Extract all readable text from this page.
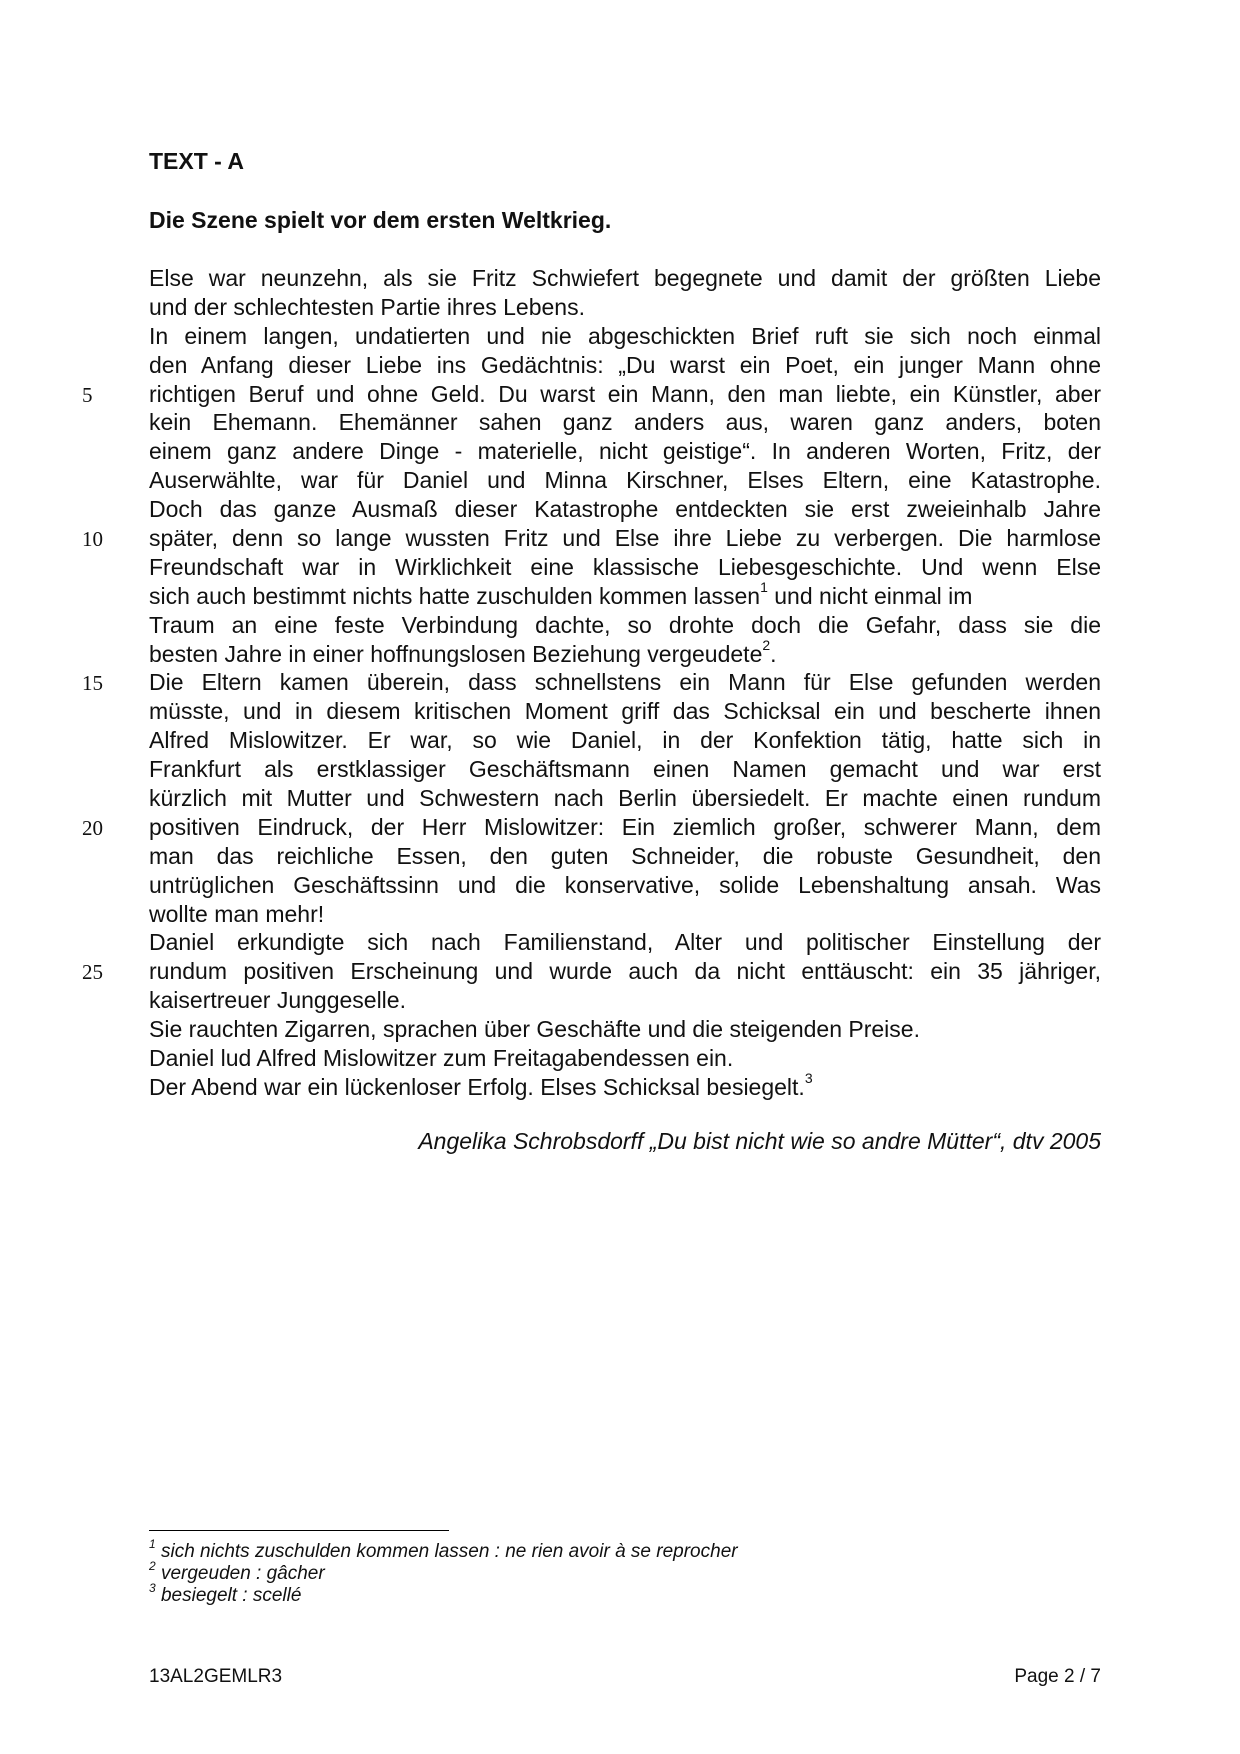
TEXT - A
Die Szene spielt vor dem ersten Weltkrieg.
Else war neunzehn, als sie Fritz Schwiefert begegnete und damit der größten Liebe
und der schlechtesten Partie ihres Lebens.
In einem langen, undatierten und nie abgeschickten Brief ruft sie sich noch einmal
den Anfang dieser Liebe ins Gedächtnis: „Du warst ein Poet, ein junger Mann ohne
richtigen Beruf und ohne Geld. Du warst ein Mann, den man liebte, ein Künstler, aber
kein Ehemann. Ehemänner sahen ganz anders aus, waren ganz anders, boten
einem ganz andere Dinge - materielle, nicht geistige“. In anderen Worten, Fritz, der
Auserwählte, war für Daniel und Minna Kirschner, Elses Eltern, eine Katastrophe.
Doch das ganze Ausmaß dieser Katastrophe entdeckten sie erst zweieinhalb Jahre
später, denn so lange wussten Fritz und Else ihre Liebe zu verbergen. Die harmlose
Freundschaft war in Wirklichkeit eine klassische Liebesgeschichte. Und wenn Else
sich auch bestimmt nichts hatte zuschulden kommen lassen$^1$ und nicht einmal im
Traum an eine feste Verbindung dachte, so drohte doch die Gefahr, dass sie die
besten Jahre in einer hoffnungslosen Beziehung vergeudete$^2$.
Die Eltern kamen überein, dass schnellstens ein Mann für Else gefunden werden
müsste, und in diesem kritischen Moment griff das Schicksal ein und bescherte ihnen
Alfred Mislowitzer. Er war, so wie Daniel, in der Konfektion tätig, hatte sich in
Frankfurt als erstklassiger Geschäftsmann einen Namen gemacht und war erst
kürzlich mit Mutter und Schwestern nach Berlin übersiedelt. Er machte einen rundum
positiven Eindruck, der Herr Mislowitzer: Ein ziemlich großer, schwerer Mann, dem
man das reichliche Essen, den guten Schneider, die robuste Gesundheit, den
untrüglichen Geschäftssinn und die konservative, solide Lebenshaltung ansah. Was
wollte man mehr!
Daniel erkundigte sich nach Familienstand, Alter und politischer Einstellung der
rundum positiven Erscheinung und wurde auch da nicht enttäuscht: ein 35 jähriger,
kaisertreuer Junggeselle.
Sie rauchten Zigarren, sprachen über Geschäfte und die steigenden Preise.
Daniel lud Alfred Mislowitzer zum Freitagabendessen ein.
Der Abend war ein lückenloser Erfolg. Elses Schicksal besiegelt.$^3$
5
10
15
20
25
Angelika Schrobsdorff „Du bist nicht wie so andre Mütter“, dtv 2005
$^1$ sich nichts zuschulden kommen lassen : ne rien avoir à se reprocher
$^2$ vergeuden : gâcher
$^3$ besiegelt : scellé
13AL2GEMLR3	Page 2 / 7
